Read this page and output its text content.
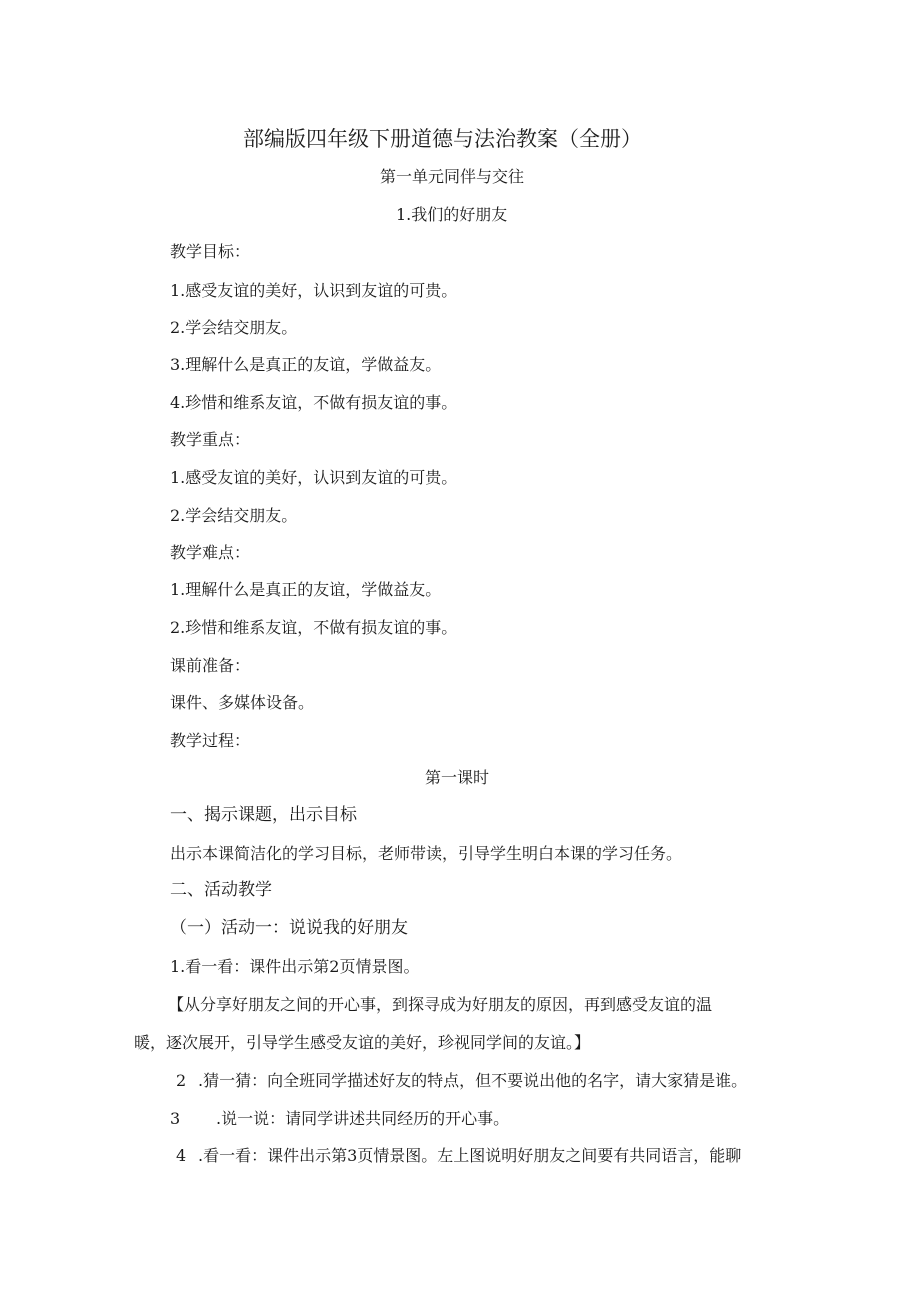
部编版四年级下册道德与法治教案（全册）
第一单元同伴与交往
1.我们的好朋友
教学目标：
1.感受友谊的美好，认识到友谊的可贵。
2.学会结交朋友。
3.理解什么是真正的友谊，学做益友。
4.珍惜和维系友谊，不做有损友谊的事。
教学重点：
1.感受友谊的美好，认识到友谊的可贵。
2.学会结交朋友。
教学难点：
1.理解什么是真正的友谊，学做益友。
2.珍惜和维系友谊，不做有损友谊的事。
课前准备：
课件、多媒体设备。
教学过程：
第一课时
一、揭示课题，出示目标
出示本课简洁化的学习目标，老师带读，引导学生明白本课的学习任务。
二、活动教学
（一）活动一：说说我的好朋友
1.看一看：课件出示第2页情景图。
【从分享好朋友之间的开心事，到探寻成为好朋友的原因，再到感受友谊的温
暖，逐次展开，引导学生感受友谊的美好，珍视同学间的友谊。】
2 .猜一猜：向全班同学描述好友的特点，但不要说出他的名字，请大家猜是谁。
3 .说一说：请同学讲述共同经历的开心事。
4 .看一看：课件出示第3页情景图。左上图说明好朋友之间要有共同语言，能聊
